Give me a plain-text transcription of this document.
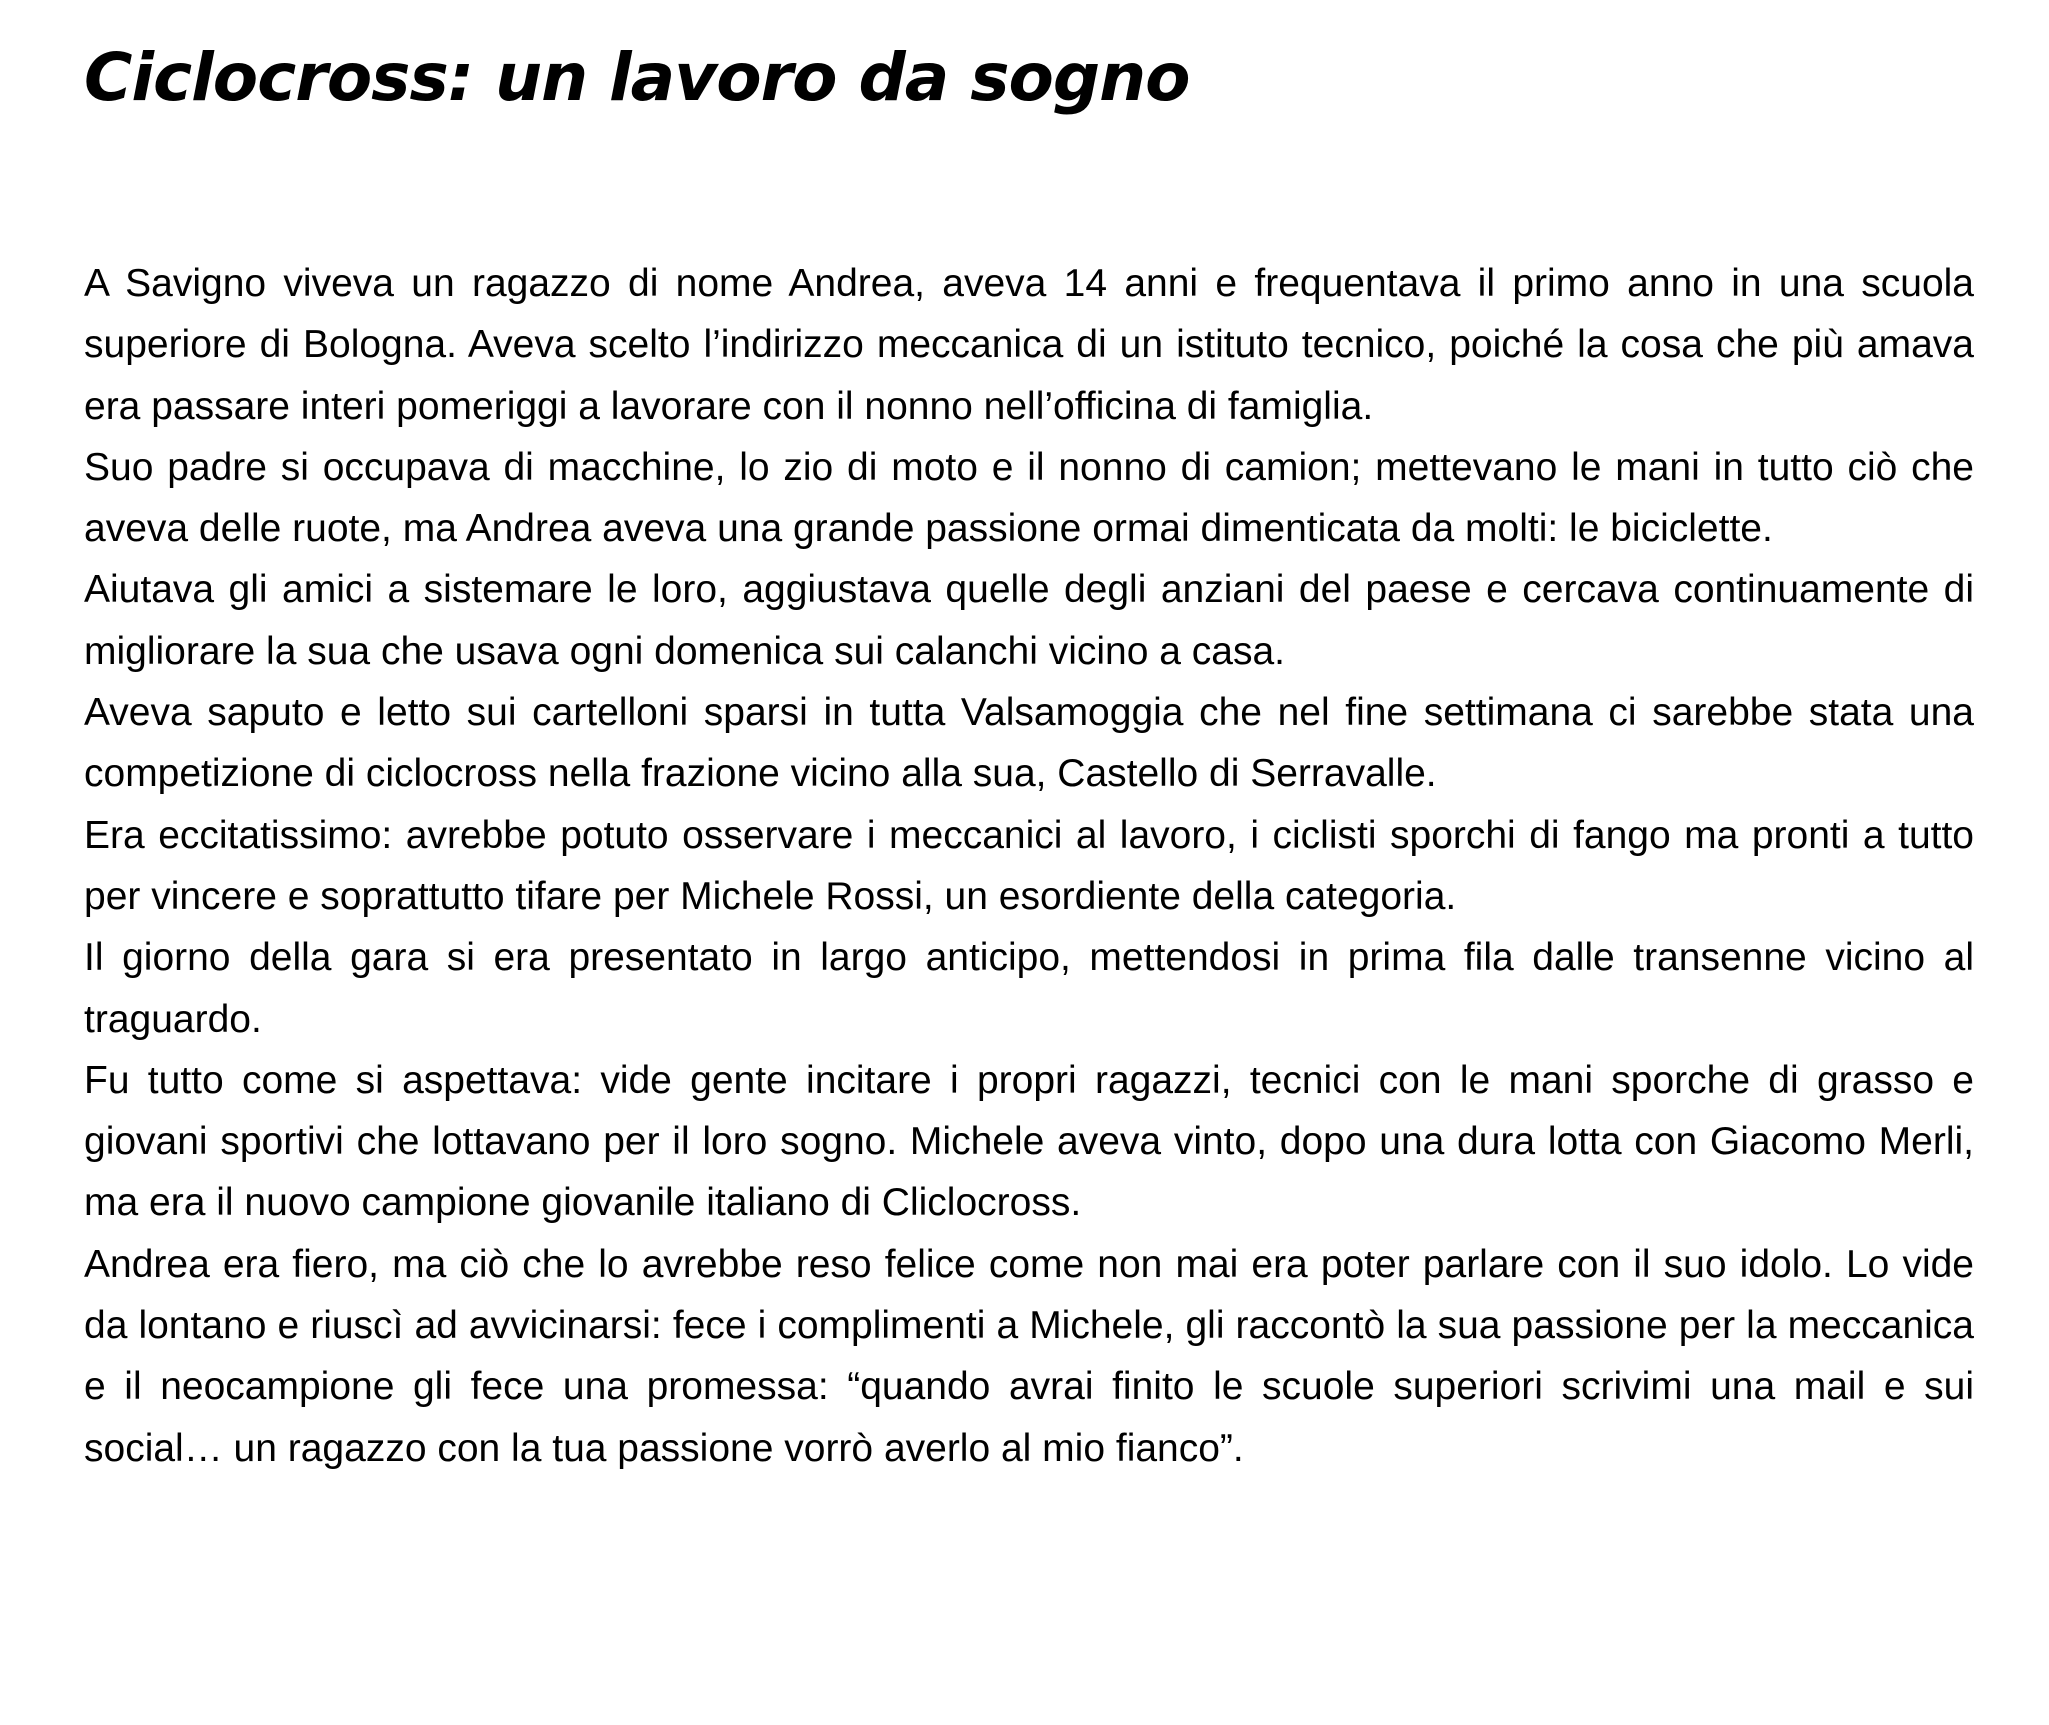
Ciclocross: un lavoro da sogno

A Savigno viveva un ragazzo di nome Andrea, aveva 14 anni e frequentava il primo anno in una scuola superiore di Bologna. Aveva scelto l’indirizzo meccanica di un istituto tecnico, poiché la cosa che più amava era passare interi pomeriggi a lavorare con il nonno nell’officina di famiglia.

Suo padre si occupava di macchine, lo zio di moto e il nonno di camion; mettevano le mani in tutto ciò che aveva delle ruote, ma Andrea aveva una grande passione ormai dimenticata da molti: le biciclette.

Aiutava gli amici a sistemare le loro, aggiustava quelle degli anziani del paese e cercava continuamente di migliorare la sua che usava ogni domenica sui calanchi vicino a casa.

Aveva saputo e letto sui cartelloni sparsi in tutta Valsamoggia che nel fine settimana ci sarebbe stata una competizione di ciclocross nella frazione vicino alla sua, Castello di Serravalle.

Era eccitatissimo: avrebbe potuto osservare i meccanici al lavoro, i ciclisti sporchi di fango ma pronti a tutto per vincere e soprattutto tifare per Michele Rossi, un esordiente della categoria.

Il giorno della gara si era presentato in largo anticipo, mettendosi in prima fila dalle transenne vicino al traguardo.

Fu tutto come si aspettava: vide gente incitare i propri ragazzi, tecnici con le mani sporche di grasso e giovani sportivi che lottavano per il loro sogno. Michele aveva vinto, dopo una dura lotta con Giacomo Merli, ma era il nuovo campione giovanile italiano di Cliclocross.

Andrea era fiero, ma ciò che lo avrebbe reso felice come non mai era poter parlare con il suo idolo. Lo vide da lontano e riuscì ad avvicinarsi: fece i complimenti a Michele, gli raccontò la sua passione per la meccanica e il neocampione gli fece una promessa: “quando avrai finito le scuole superiori scrivimi una mail e sui social… un ragazzo con la tua passione vorrò averlo al mio fianco”.
